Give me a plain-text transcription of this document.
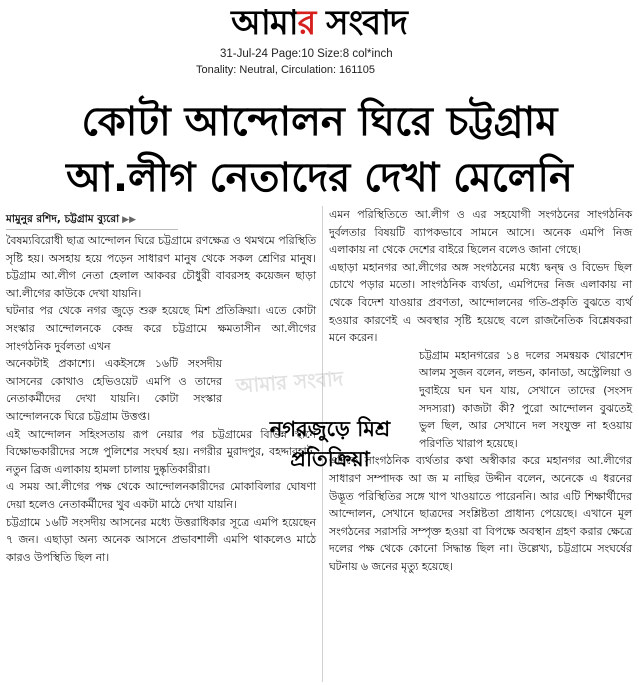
আমার সংবাদ
31-Jul-24 Page:10 Size:8 col*inch
Tonality: Neutral, Circulation: 161105
কোটা আন্দোলন ঘিরে চট্টগ্রাম
আ.লীগ নেতাদের দেখা মেলেনি
মামুনুর রশিদ, চট্টগ্রাম ব্যুরো ▶▶

বৈষম্যবিরোধী ছাত্র আন্দোলন ঘিরে চট্টগ্রামে রণক্ষেত্র ও থমথমে পরিস্থিতি সৃষ্টি হয়। অসহায় হয়ে পড়েন সাধারণ মানুষ থেকে সকল শ্রেণির মানুষ। চট্টগ্রাম আ.লীগ নেতা হেলাল আকবর চৌধুরী বাবরসহ কয়েজন ছাড়া আ.লীগের কাউকে দেখা যায়নি।

ঘটনার পর থেকে নগর জুড়ে শুরু হয়েছে মিশ প্রতিক্রিয়া। এতে কোটা সংস্কার আন্দোলনকে কেন্দ্র করে চট্টগ্রামে ক্ষমতাসীন আ.লীগের সাংগঠনিক দুর্বলতা এখন

অনেকটাই প্রকাশ্যে। একইসঙ্গে ১৬টি সংসদীয় আসনের কোথাও হেভিওয়েট এমপি ও তাদের নেতাকর্মীদের দেখা যায়নি। কোটা সংস্কার আন্দোলনকে ঘিরে চট্টগ্রাম উত্তপ্ত।

এই আন্দোলন সহিংসতায় রূপ নেয়ার পর চট্টগ্রামের বিভিন্ন স্থানে বিক্ষোভকারীদের সঙ্গে পুলিশের সংঘর্ষ হয়। নগরীর মুরাদপুর, বহদ্দারহাট, নতুন ব্রিজ এলাকায় হামলা চালায় দুষ্কৃতিকারীরা।

এ সময় আ.লীগের পক্ষ থেকে আন্দোলনকারীদের মোকাবিলার ঘোষণা দেয়া হলেও নেতাকর্মীদের খুব একটা মাঠে দেখা যায়নি।

চট্টগ্রামে ১৬টি সংসদীয় আসনের মধ্যে উত্তরাধিকার সূত্রে এমপি হয়েছেন ৭ জন। এছাড়া অন্য অনেক আসনে প্রভাবশালী এমপি থাকলেও মাঠে কারও উপস্থিতি ছিল না।

এমন পরিস্থিতিতে আ.লীগ ও এর সহযোগী সংগঠনের সাংগঠনিক দুর্বলতার বিষয়টি ব্যাপকভাবে সামনে আসে। অনেক এমপি নিজ এলাকায় না থেকে দেশের বাইরে ছিলেন বলেও জানা গেছে।

এছাড়া মহানগর আ.লীগের অঙ্গ সংগঠনের মধ্যে দ্বন্দ্ব ও বিভেদ ছিল চোখে পড়ার মতো। সাংগঠনিক ব্যর্থতা, এমপিদের নিজ এলাকায় না থেকে বিদেশ যাওয়ার প্রবণতা, আন্দোলনের গতি-প্রকৃতি বুঝতে ব্যর্থ হওয়ার কারণেই এ অবস্থার সৃষ্টি হয়েছে বলে রাজনৈতিক বিশ্লেষকরা মনে করেন।

চট্টগ্রাম মহানগরের ১৪ দলের সমন্বয়ক খোরশেদ আলম সুজন বলেন, লন্ডন, কানাডা, অস্ট্রেলিয়া ও দুবাইয়ে ঘন ঘন যায়, সেখানে তাদের (সংসদ সদস্যরা) কাজটা কী? পুরো আন্দোলন বুঝতেই ভুল ছিল, আর সেখানে দল সংযুক্ত না হওয়ায় পরিণতি খারাপ হয়েছে।

এদিকে সাংগঠনিক ব্যর্থতার কথা অস্বীকার করে মহানগর আ.লীগের সাধারণ সম্পাদক আ জ ম নাছির উদ্দীন বলেন, অনেকে এ ধরনের উদ্ভূত পরিস্থিতির সঙ্গে খাপ খাওয়াতে পারেননি। আর এটি শিক্ষার্থীদের আন্দোলন, সেখানে ছাত্রদের সংশ্লিষ্টতা প্রাধান্য পেয়েছে। এখানে মূল সংগঠনের সরাসরি সম্পৃক্ত হওয়া বা বিপক্ষে অবস্থান গ্রহণ করার ক্ষেত্রে দলের পক্ষ থেকে কোনো সিদ্ধান্ত ছিল না। উল্লেখ্য, চট্টগ্রামে সংঘর্ষের ঘটনায় ৬ জনের মৃত্যু হয়েছে।

নগরজুড়ে মিশ্র
প্রতিক্রিয়া
আমার সংবাদ
